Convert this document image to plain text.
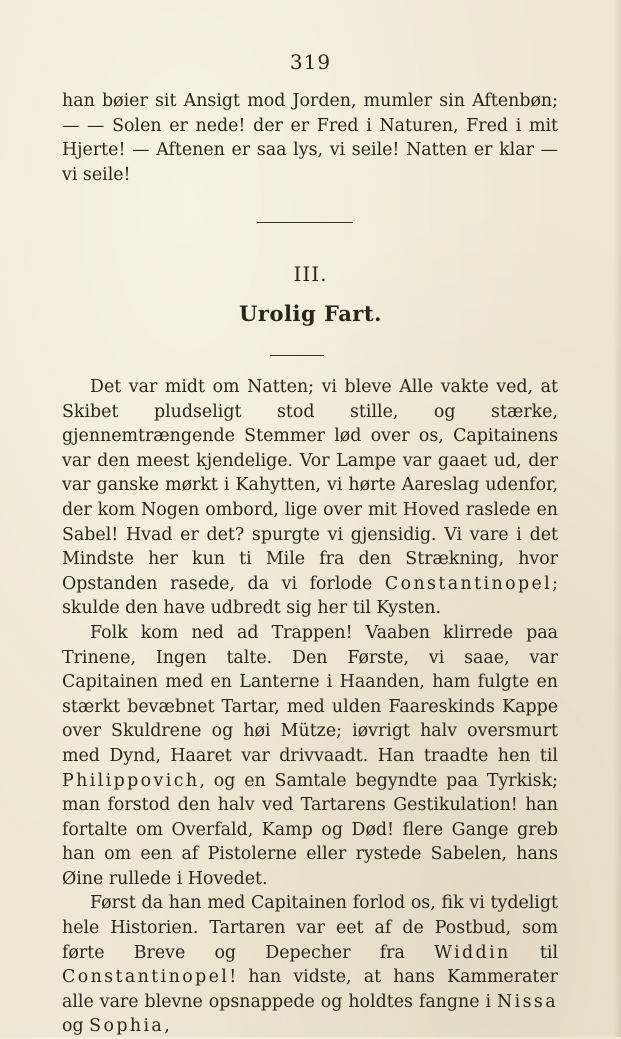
319

han bøier sit Ansigt mod Jorden, mumler sin Aftenbøn; — — Solen er nede! der er Fred i Naturen, Fred i mit Hjerte! — Aftenen er saa lys, vi seile! Natten er klar — vi seile!

III.
Urolig Fart.

Det var midt om Natten; vi bleve Alle vakte ved, at Skibet pludseligt stod stille, og stærke, gjennemtrængende Stemmer lød over os, Capitainens var den meest kjendelige. Vor Lampe var gaaet ud, der var ganske mørkt i Kahytten, vi hørte Aareslag udenfor, der kom Nogen ombord, lige over mit Hoved raslede en Sabel! Hvad er det? spurgte vi gjensidig. Vi vare i det Mindste her kun ti Mile fra den Strækning, hvor Opstanden rasede, da vi forlode Constantinopel; skulde den have udbredt sig her til Kysten.

Folk kom ned ad Trappen! Vaaben klirrede paa Trinene, Ingen talte. Den Første, vi saae, var Capitainen med en Lanterne i Haanden, ham fulgte en stærkt bevæbnet Tartar, med ulden Faareskinds Kappe over Skuldrene og høi Mütze; iøvrigt halv oversmurt med Dynd, Haaret var drivvaadt. Han traadte hen til Philippovich, og en Samtale begyndte paa Tyrkisk; man forstod den halv ved Tartarens Gestikulation! han fortalte om Overfald, Kamp og Død! flere Gange greb han om een af Pistolerne eller rystede Sabelen, hans Øine rullede i Hovedet.

Først da han med Capitainen forlod os, fik vi tydeligt hele Historien. Tartaren var eet af de Postbud, som førte Breve og Depecher fra Widdin til Constantinopel! han vidste, at hans Kammerater alle vare blevne opsnappede og holdtes fangne i Nissa og Sophia,
